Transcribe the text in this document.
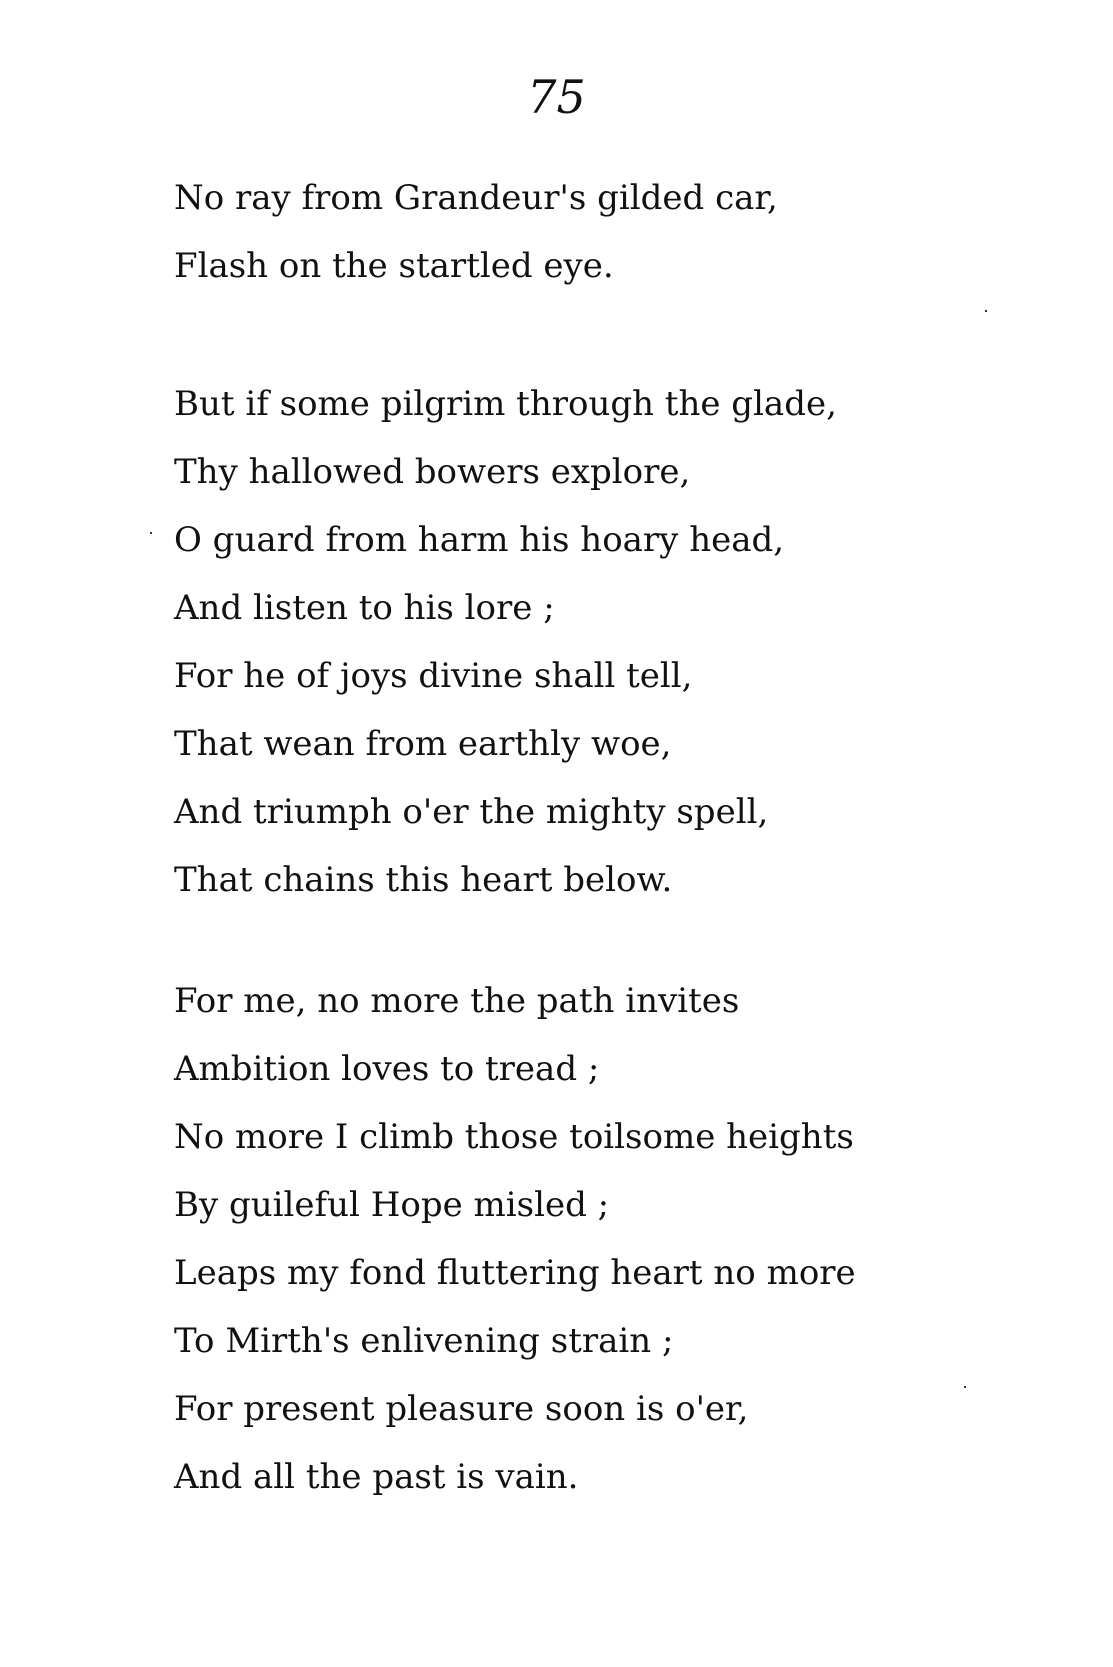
75
No ray from Grandeur's gilded car,
Flash on the startled eye.
But if some pilgrim through the glade,
Thy hallowed bowers explore,
O guard from harm his hoary head,
And listen to his lore ;
For he of joys divine shall tell,
That wean from earthly woe,
And triumph o'er the mighty spell,
That chains this heart below.
For me, no more the path invites
Ambition loves to tread ;
No more I climb those toilsome heights
By guileful Hope misled ;
Leaps my fond fluttering heart no more
To Mirth's enlivening strain ;
For present pleasure soon is o'er,
And all the past is vain.
